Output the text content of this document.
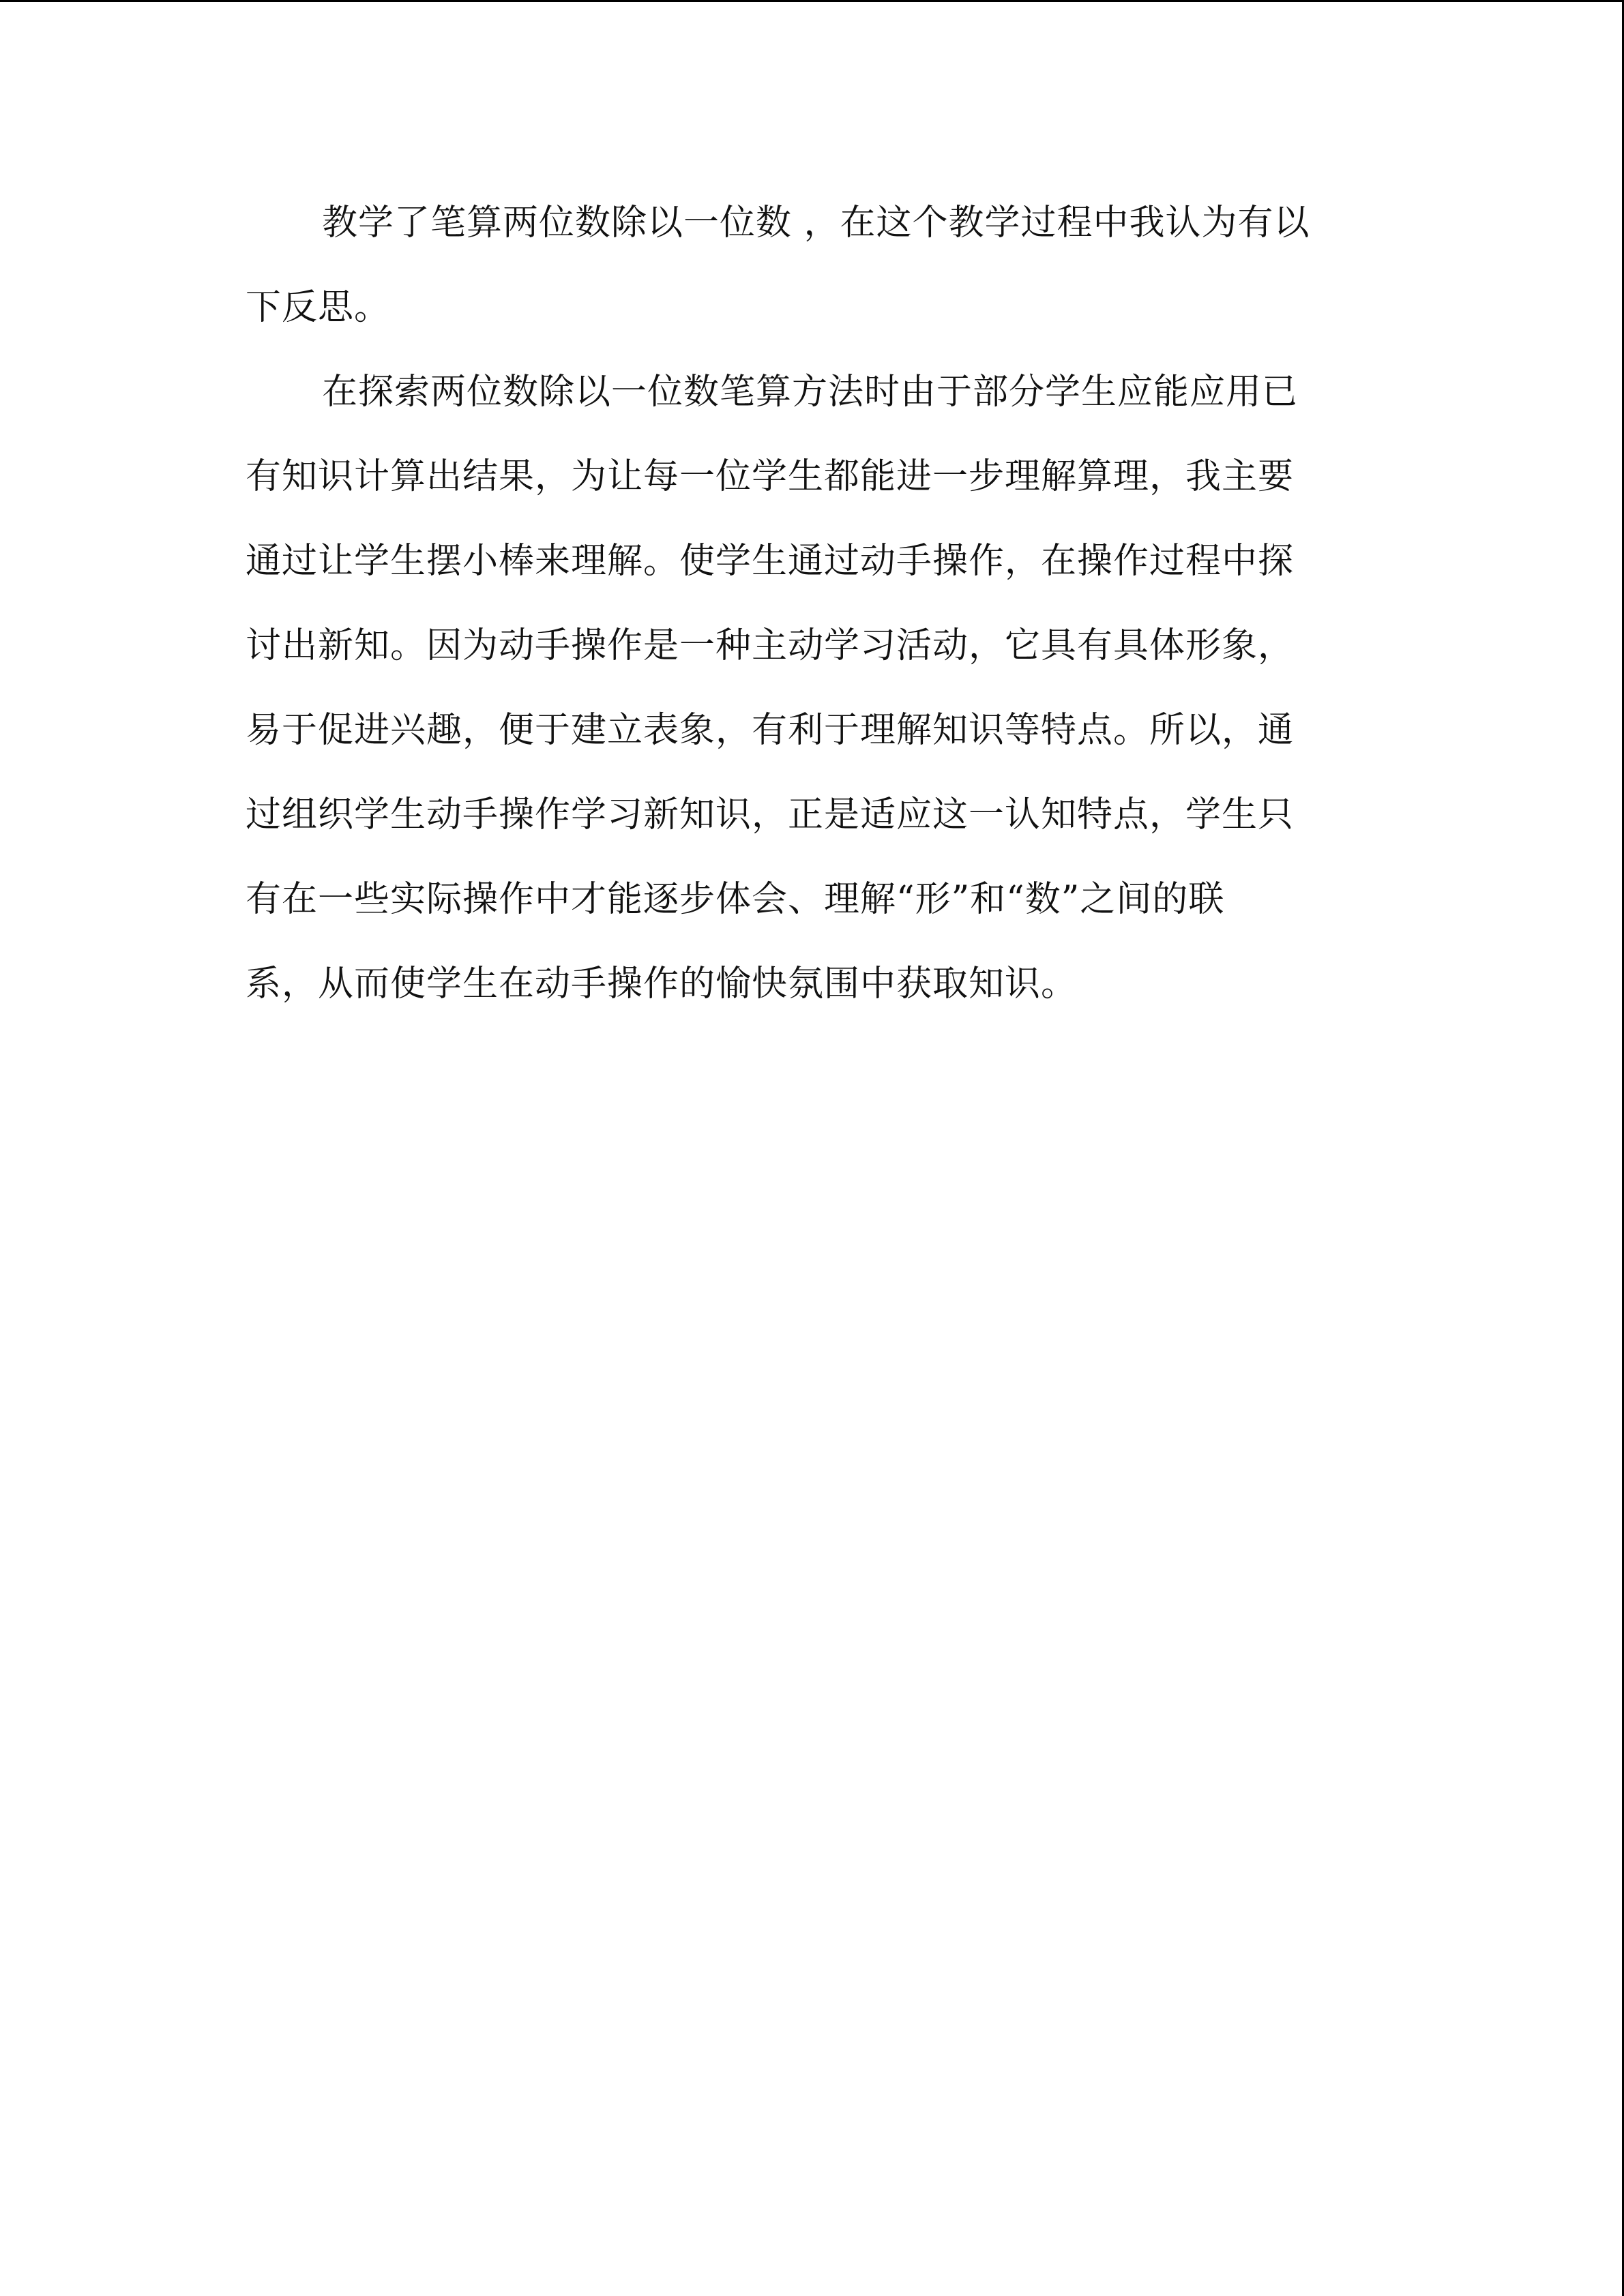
教学了笔算两位数除以一位数 ，在这个教学过程中我认为有以
下反思。
在探索两位数除以一位数笔算方法时由于部分学生应能应用已
有知识计算出结果，为让每一位学生都能进一步理解算理，我主要
通过让学生摆小棒来理解。使学生通过动手操作，在操作过程中探
讨出新知。因为动手操作是一种主动学习活动，它具有具体形象，
易于促进兴趣，便于建立表象，有利于理解知识等特点。所以，通
过组织学生动手操作学习新知识，正是适应这一认知特点，学生只
有在一些实际操作中才能逐步体会、理解“形”和“数”之间的联
系，从而使学生在动手操作的愉快氛围中获取知识。
